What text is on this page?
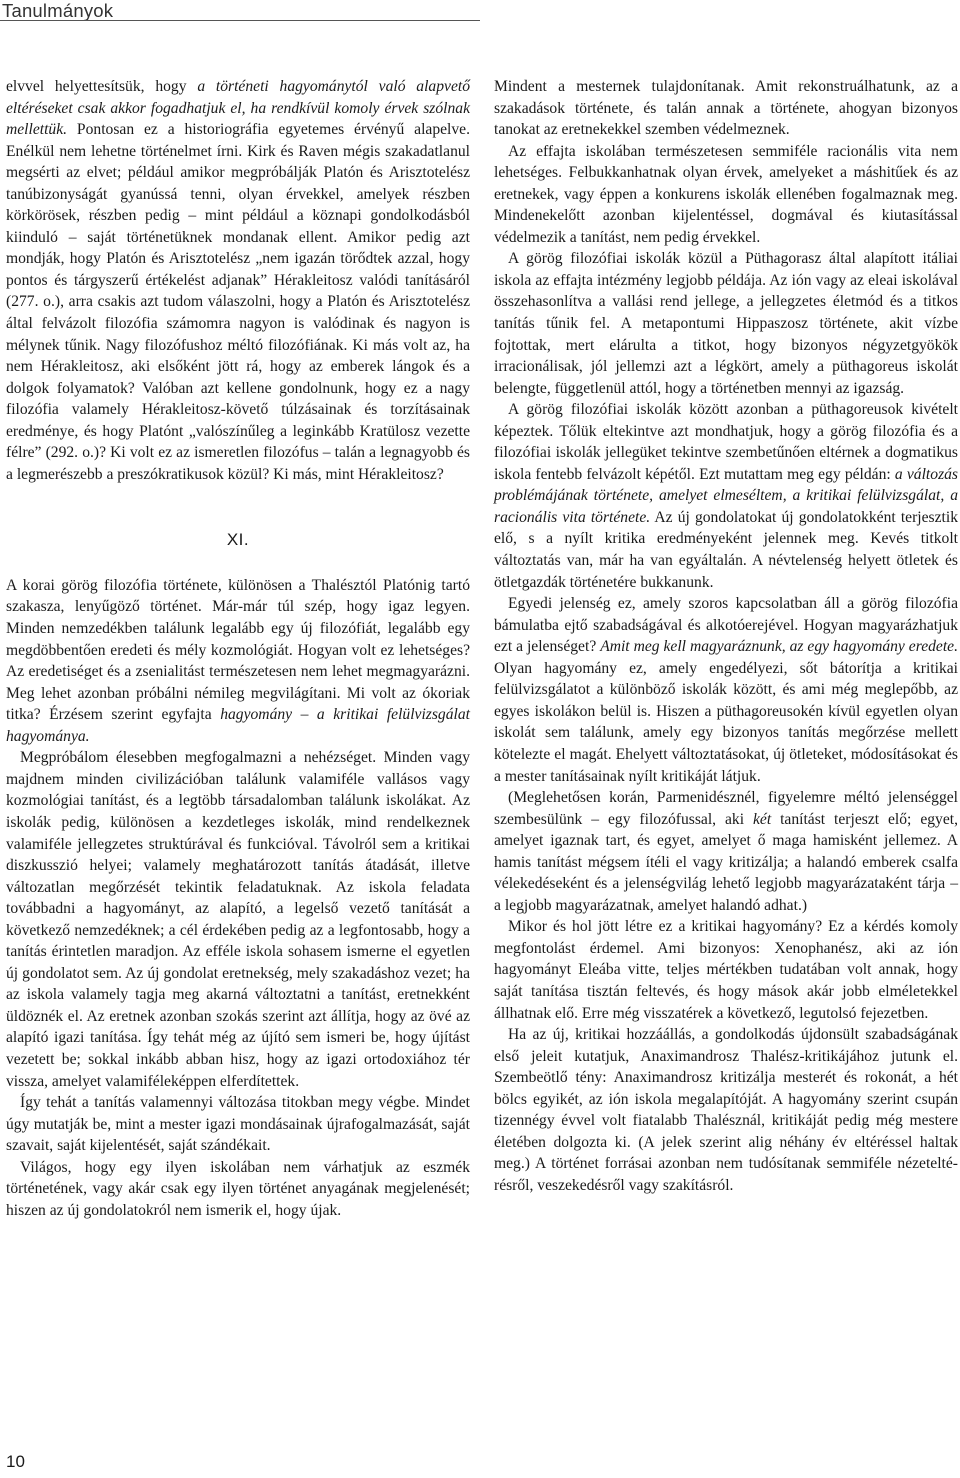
Tanulmányok

elvvel helyettesítsük, hogy a történeti hagyománytól való alapvető eltéréseket csak akkor fogadhatjuk el, ha rendkívül komoly érvek szólnak mellettük. Pontosan ez a historiográfia egyetemes érvényű alapelve. Enélkül nem lehetne történelmet írni. Kirk és Raven mégis szakadatlanul megsérti az elvet; például amikor megpróbálják Platón és Arisztotelész tanúbizonyságát gyanússá tenni, olyan érvekkel, amelyek részben körkörösek, részben pedig – mint például a köznapi gondolkodásból kiinduló – saját történetüknek mondanak ellent. Amikor pedig azt mondják, hogy Platón és Arisztotelész „nem igazán törődtek azzal, hogy pontos és tárgyszerű értékelést adjanak” Hérakleitosz valódi tanításáról (277. o.), arra csakis azt tudom válaszolni, hogy a Platón és Arisztotelész által felvázolt filozófia számomra nagyon is valódinak és nagyon is mélynek tűnik. Nagy filozófushoz méltó filozófiának. Ki más volt az, ha nem Hérakleitosz, aki elsőként jött rá, hogy az emberek lángok és a dolgok folyamatok? Valóban azt kellene gondolnunk, hogy ez a nagy filozófia valamely Hérakleitosz-követő túlzásainak és torzításainak eredménye, és hogy Platónt „valószínűleg a leginkább Kratülosz vezette félre” (292. o.)? Ki volt ez az ismeretlen filozófus – talán a legnagyobb és a legmerészebb a preszókratikusok közül? Ki más, mint Hérakleitosz?

XI.

A korai görög filozófia története, különösen a Thalésztól Platónig tartó szakasza, lenyűgöző történet. Már-már túl szép, hogy igaz legyen. Minden nemzedékben találunk legalább egy új filozófiát, legalább egy megdöbbentően eredeti és mély kozmológiát. Hogyan volt ez lehetséges? Az eredetiséget és a zsenialitást természetesen nem lehet megmagyarázni. Meg lehet azonban próbálni némileg megvilágítani. Mi volt az ókoriak titka? Érzésem szerint egyfajta hagyomány – a kritikai felülvizsgálat hagyománya.

Megpróbálom élesebben megfogalmazni a nehézséget. Minden vagy majdnem minden civilizációban találunk valamiféle vallásos vagy kozmológiai tanítást, és a legtöbb társadalomban találunk iskolákat. Az iskolák pedig, különösen a kezdetleges iskolák, mind rendelkeznek valamiféle jellegzetes struktúrával és funkcióval. Távolról sem a kritikai diszkusszió helyei; valamely meghatározott tanítás átadását, illetve változatlan megőrzését tekintik feladatuknak. Az iskola feladata továbbadni a hagyományt, az alapító, a legelső vezető tanítását a következő nemzedéknek; a cél érdekében pedig az a legfontosabb, hogy a tanítás érintetlen maradjon. Az efféle iskola sohasem ismerne el egyetlen új gondolatot sem. Az új gondolat eretnekség, mely szakadáshoz vezet; ha az iskola valamely tagja meg akarná változtatni a tanítást, eretnekként üldöznék el. Az eretnek azonban szokás szerint azt állítja, hogy az övé az alapító igazi tanítása. Így tehát még az újító sem ismeri be, hogy újítást vezetett be; sokkal inkább abban hisz, hogy az igazi ortodoxiához tér vissza, amelyet valamiféleképpen elferdítettek.

Így tehát a tanítás valamennyi változása titokban megy végbe. Mindet úgy mutatják be, mint a mester igazi mondásainak újrafogalmazását, saját szavait, saját kijelentését, saját szándékait.

Világos, hogy egy ilyen iskolában nem várhatjuk az eszmék történetének, vagy akár csak egy ilyen történet anyagának megjelenését; hiszen az új gondolatokról nem ismerik el, hogy újak.

Mindent a mesternek tulajdonítanak. Amit rekonstruálhatunk, az a szakadások története, és talán annak a története, ahogyan bizonyos tanokat az eretnekekkel szemben védelmeznek.

Az effajta iskolában természetesen semmiféle racionális vita nem lehetséges. Felbukkanhatnak olyan érvek, amelyeket a máshitűek és az eretnekek, vagy éppen a konkurens iskolák ellenében fogalmaznak meg. Mindenekelőtt azonban kijelentéssel, dogmával és kiutasítással védelmezik a tanítást, nem pedig érvekkel.

A görög filozófiai iskolák közül a Püthagorasz által alapított itáliai iskola az effajta intézmény legjobb példája. Az ión vagy az eleai iskolával összehasonlítva a vallási rend jellege, a jellegzetes életmód és a titkos tanítás tűnik fel. A metapontumi Hippaszosz története, akit vízbe fojtottak, mert elárulta a titkot, hogy bizonyos négyzetgyökök irracionálisak, jól jellemzi azt a légkört, amely a püthagoreus iskolát belengte, függetlenül attól, hogy a történetben mennyi az igazság.

A görög filozófiai iskolák között azonban a püthagoreusok kivételt képeztek. Tőlük eltekintve azt mondhatjuk, hogy a görög filozófia és a filozófiai iskolák jellegüket tekintve szembetűnően eltérnek a dogmatikus iskola fentebb felvázolt képétől. Ezt mutattam meg egy példán: a változás problémájának története, amelyet elmeséltem, a kritikai felülvizsgálat, a racionális vita története. Az új gondolatokat új gondolatokként terjesztik elő, s a nyílt kritika eredményeként jelennek meg. Kevés titkolt változtatás van, már ha van egyáltalán. A névtelenség helyett ötletek és ötletgazdák történetére bukkanunk.

Egyedi jelenség ez, amely szoros kapcsolatban áll a görög filozófia bámulatba ejtő szabadságával és alkotóerejével. Hogyan magyarázhatjuk ezt a jelenséget? Amit meg kell magyaráznunk, az egy hagyomány eredete. Olyan hagyomány ez, amely engedélyezi, sőt bátorítja a kritikai felülvizsgálatot a különböző iskolák között, és ami még meglepőbb, az egyes iskolákon belül is. Hiszen a püthagoreusokén kívül egyetlen olyan iskolát sem találunk, amely egy bizonyos tanítás megőrzése mellett kötelezte el magát. Ehelyett változtatásokat, új ötleteket, módosításokat és a mester tanításainak nyílt kritikáját látjuk.

(Meglehetősen korán, Parmenidésznél, figyelemre méltó jelenséggel szembesülünk – egy filozófussal, aki két tanítást terjeszt elő; egyet, amelyet igaznak tart, és egyet, amelyet ő maga hamisként jellemez. A hamis tanítást mégsem ítéli el vagy kritizálja; a halandó emberek csalfa vélekedéseként és a jelenségvilág lehető legjobb magyarázataként tárja – a legjobb magyarázatnak, amelyet halandó adhat.)

Mikor és hol jött létre ez a kritikai hagyomány? Ez a kérdés komoly megfontolást érdemel. Ami bizonyos: Xenophanész, aki az ión hagyományt Eleába vitte, teljes mértékben tudatában volt annak, hogy saját tanítása tisztán feltevés, és hogy mások akár jobb elméletekkel állhatnak elő. Erre még visszatérek a következő, legutolsó fejezetben.

Ha az új, kritikai hozzáállás, a gondolkodás újdonsült szabadságának első jeleit kutatjuk, Anaximandrosz Thalész-kritikájához jutunk el. Szembeötlő tény: Anaximandrosz kritizálja mesterét és rokonát, a hét bölcs egyikét, az ión iskola megalapítóját. A hagyomány szerint csupán tizennégy évvel volt fiatalabb Thalésznál, kritikáját pedig még mestere életében dolgozta ki. (A jelek szerint alig néhány év eltéréssel haltak meg.) A történet forrásai azonban nem tudósítanak semmiféle nézeteltérésről, veszekedésről vagy szakításról.

10
